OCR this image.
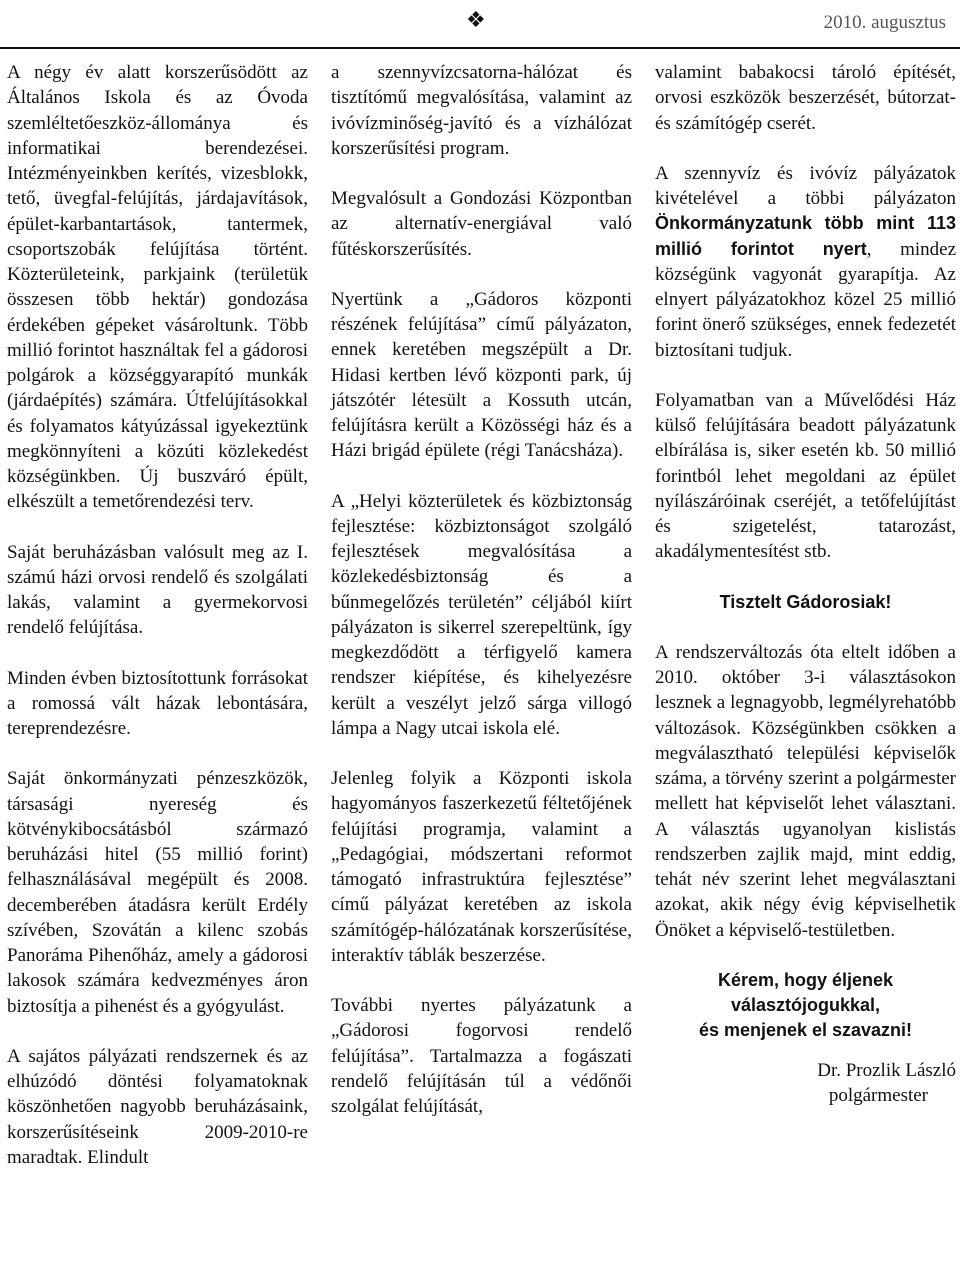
❖	2010. augusztus

A négy év alatt korszerűsödött az Általános Iskola és az Óvoda szemléltetőeszköz-állománya és informatikai berendezései. Intézményeinkben kerítés, vizesblokk, tető, üvegfal-felújítás, járdajavítások, épület-karbantartások, tantermek, csoportszobák felújítása történt. Közterületeink, parkjaink (területük összesen több hektár) gondozása érdekében gépeket vásároltunk. Több millió forintot használtak fel a gádorosi polgárok a községgyarapító munkák (járdaépítés) számára. Útfelújításokkal és folyamatos kátyúzással igyekeztünk megkönnyíteni a közúti közlekedést községünkben. Új buszváró épült, elkészült a temetőrendezési terv.

Saját beruházásban valósult meg az I. számú házi orvosi rendelő és szolgálati lakás, valamint a gyermekorvosi rendelő felújítása.

Minden évben biztosítottunk forrásokat a romossá vált házak lebontására, tereprendezésre.

Saját önkormányzati pénzeszközök, társasági nyereség és kötvénykibocsátásból származó beruházási hitel (55 millió forint) felhasználásával megépült és 2008. decemberében átadásra került Erdély szívében, Szovátán a kilenc szobás Panoráma Pihenőház, amely a gádorosi lakosok számára kedvezményes áron biztosítja a pihenést és a gyógyulást.

A sajátos pályázati rendszernek és az elhúzódó döntési folyamatoknak köszönhetően nagyobb beruházásaink, korszerűsítéseink 2009-2010-re maradtak. Elindult

a szennyvízcsatorna-hálózat és tisztítómű megvalósítása, valamint az ivóvízminőség-javító és a vízhálózat korszerűsítési program.

Megvalósult a Gondozási Központban az alternatív-energiával való fűtéskorszerűsítés.

Nyertünk a „Gádoros központi részének felújítása” című pályázaton, ennek keretében megszépült a Dr. Hidasi kertben lévő központi park, új játszótér létesült a Kossuth utcán, felújításra került a Közösségi ház és a Házi brigád épülete (régi Tanácsháza).

A „Helyi közterületek és közbiztonság fejlesztése: közbiztonságot szolgáló fejlesztések megvalósítása a közlekedésbiztonság és a bűnmegelőzés területén” céljából kiírt pályázaton is sikerrel szerepeltünk, így megkezdődött a térfigyelő kamera rendszer kiépítése, és kihelyezésre került a veszélyt jelző sárga villogó lámpa a Nagy utcai iskola elé.

Jelenleg folyik a Központi iskola hagyományos faszerkezetű féltetőjének felújítási programja, valamint a „Pedagógiai, módszertani reformot támogató infrastruktúra fejlesztése” című pályázat keretében az iskola számítógép-hálózatának korszerűsítése, interaktív táblák beszerzése.

További nyertes pályázatunk a „Gádorosi fogorvosi rendelő felújítása”. Tartalmazza a fogászati rendelő felújításán túl a védőnői szolgálat felújítását,

valamint babakocsi tároló építését, orvosi eszközök beszerzését, bútorzat- és számítógép cserét.

A szennyvíz és ivóvíz pályázatok kivételével a többi pályázaton Önkormányzatunk több mint 113 millió forintot nyert, mindez községünk vagyonát gyarapítja. Az elnyert pályázatokhoz közel 25 millió forint önerő szükséges, ennek fedezetét biztosítani tudjuk.

Folyamatban van a Művelődési Ház külső felújítására beadott pályázatunk elbírálása is, siker esetén kb. 50 millió forintból lehet megoldani az épület nyílászáróinak cseréjét, a tetőfelújítást és szigetelést, tatarozást, akadálymentesítést stb.

Tisztelt Gádorosiak!

A rendszerváltozás óta eltelt időben a 2010. október 3-i választásokon lesznek a legnagyobb, legmélyrehatóbb változások. Községünkben csökken a megválasztható települési képviselők száma, a törvény szerint a polgármester mellett hat képviselőt lehet választani. A választás ugyanolyan kislistás rendszerben zajlik majd, mint eddig, tehát név szerint lehet megválasztani azokat, akik négy évig képviselhetik Önöket a képviselő-testületben.

Kérem, hogy éljenek
választójogukkal,
és menjenek el szavazni!

Dr. Prozlik László
polgármester
